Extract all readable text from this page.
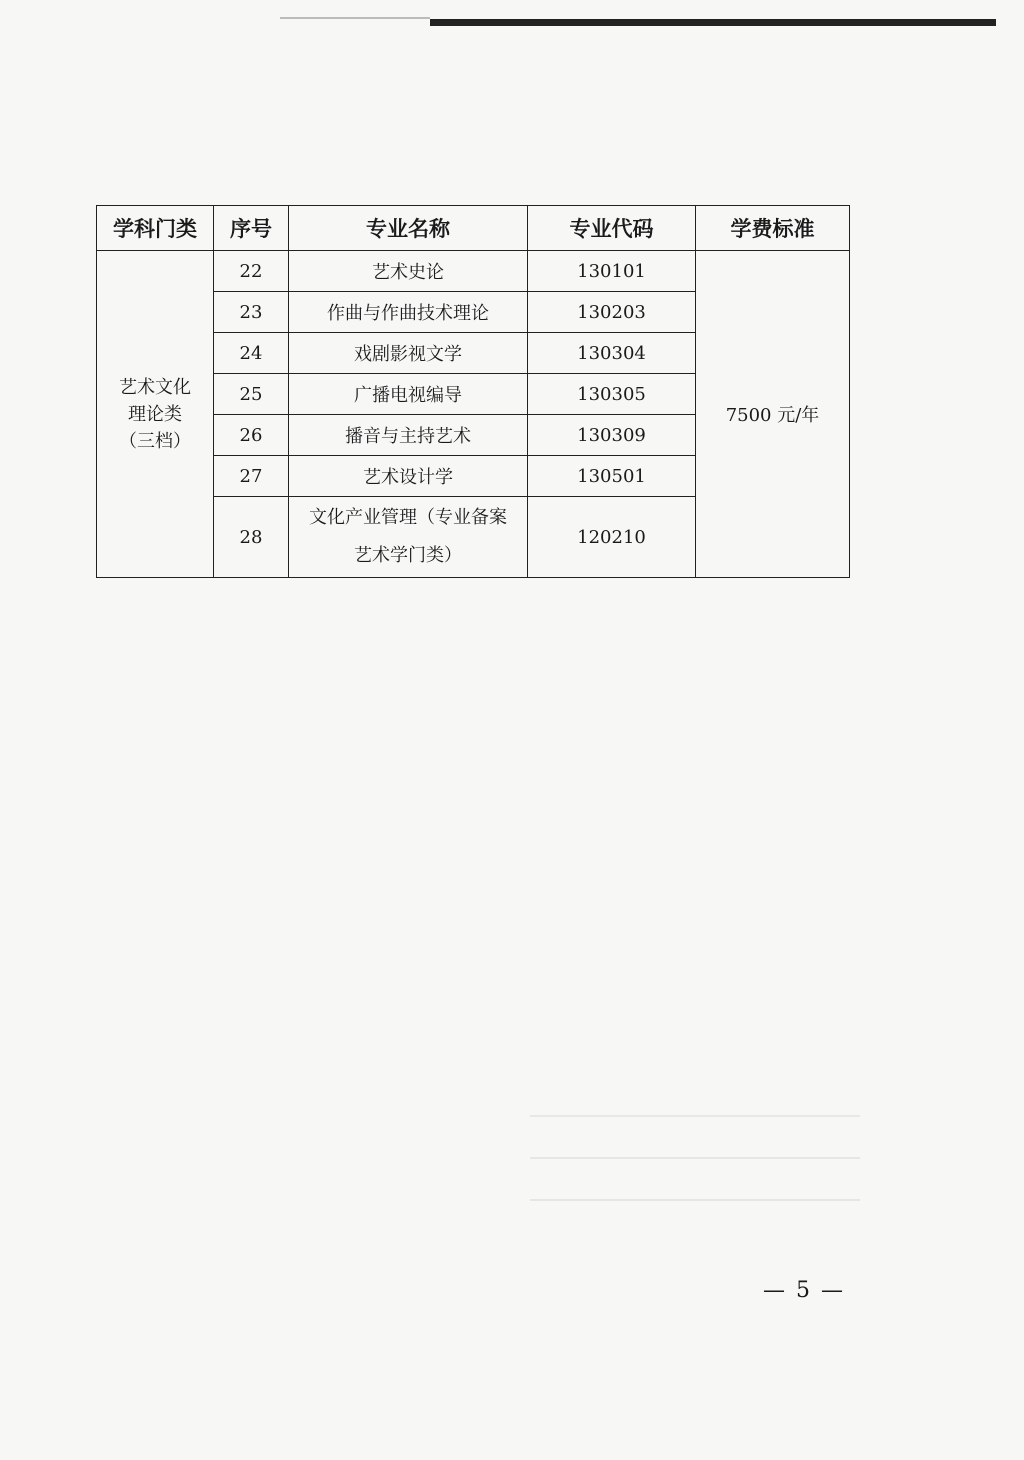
学科门类	序号	专业名称	专业代码	学费标准

艺术文化
理论类
（三档）	22	艺术史论	130101	7500 元/年
	23	作曲与作曲技术理论	130203	
	24	戏剧影视文学	130304	
	25	广播电视编导	130305	
	26	播音与主持艺术	130309	
	27	艺术设计学	130501	
	28	文化产业管理（专业备案
艺术学门类）	120210	
— 5 —
